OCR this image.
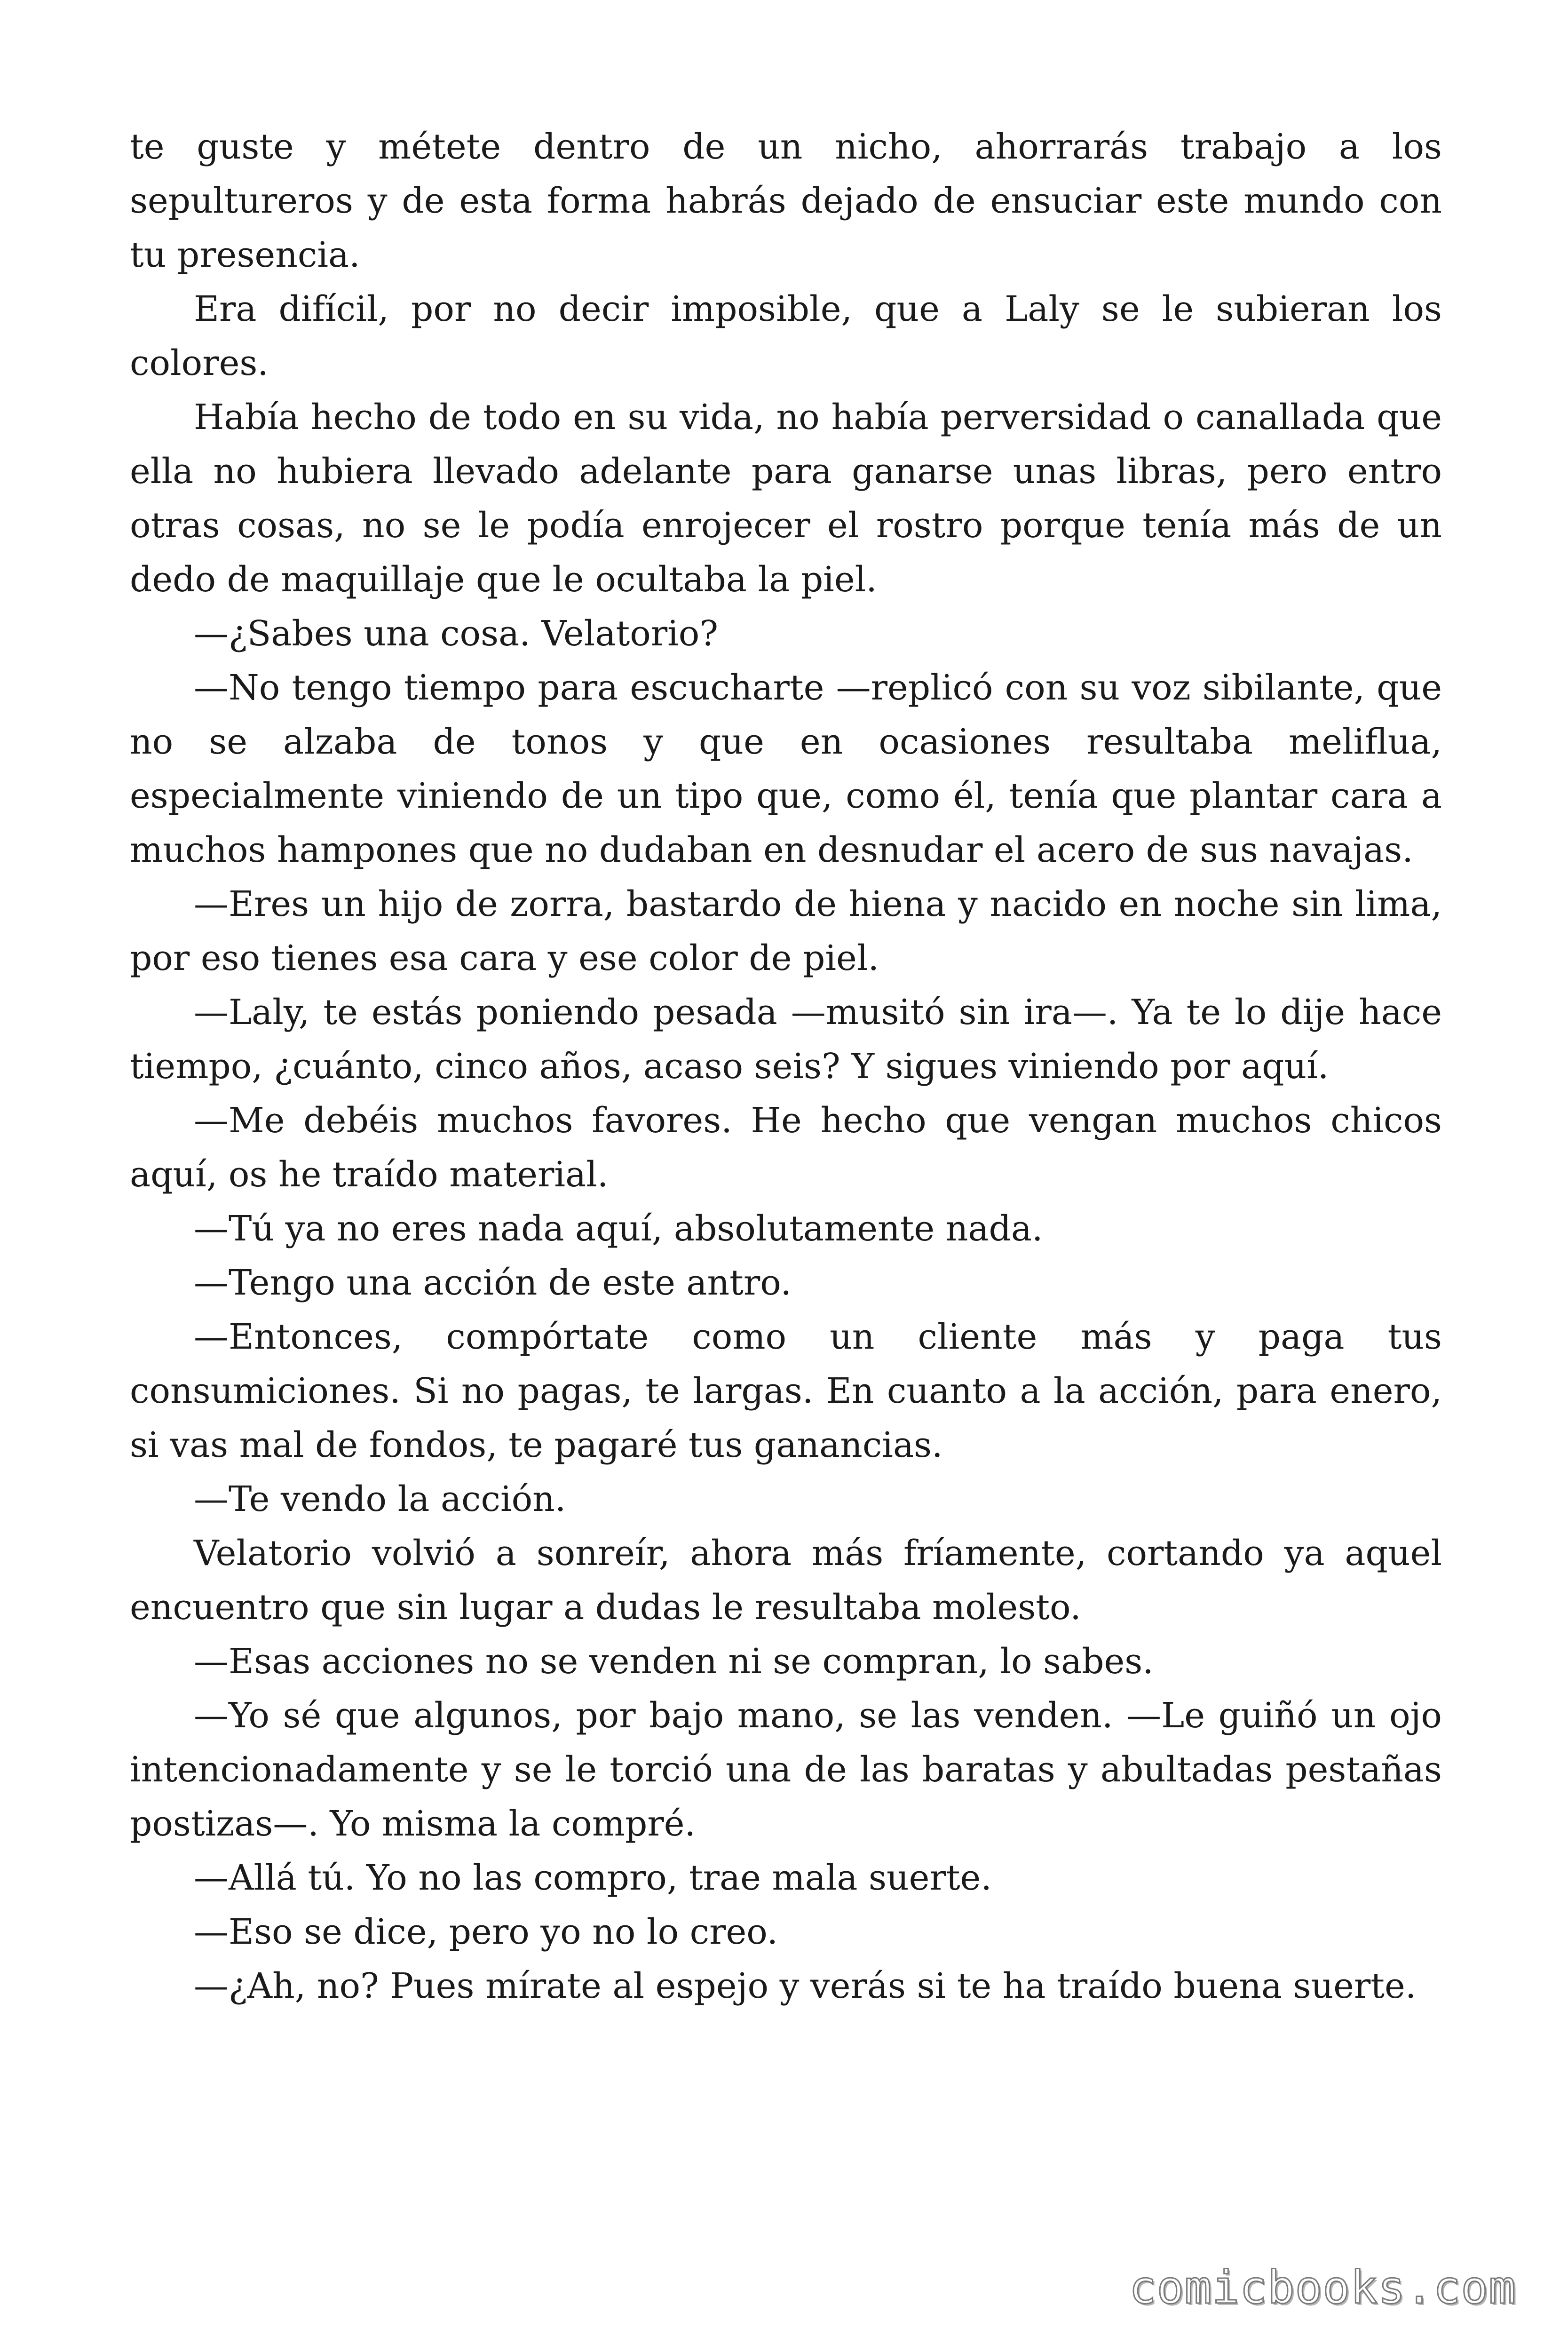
te guste y métete dentro de un nicho, ahorrarás trabajo a los sepultureros y de esta forma habrás dejado de ensuciar este mundo con tu presencia.

Era difícil, por no decir imposible, que a Laly se le subieran los colores.

Había hecho de todo en su vida, no había perversidad o canallada que ella no hubiera llevado adelante para ganarse unas libras, pero entro otras cosas, no se le podía enrojecer el rostro porque tenía más de un dedo de maquillaje que le ocultaba la piel.

—¿Sabes una cosa. Velatorio?

—No tengo tiempo para escucharte —replicó con su voz sibilante, que no se alzaba de tonos y que en ocasiones resultaba meliflua, especialmente viniendo de un tipo que, como él, tenía que plantar cara a muchos hampones que no dudaban en desnudar el acero de sus navajas.

—Eres un hijo de zorra, bastardo de hiena y nacido en noche sin lima, por eso tienes esa cara y ese color de piel.

—Laly, te estás poniendo pesada —musitó sin ira—. Ya te lo dije hace tiempo, ¿cuánto, cinco años, acaso seis? Y sigues viniendo por aquí.

—Me debéis muchos favores. He hecho que vengan muchos chicos aquí, os he traído material.

—Tú ya no eres nada aquí, absolutamente nada.

—Tengo una acción de este antro.

—Entonces, compórtate como un cliente más y paga tus consumiciones. Si no pagas, te largas. En cuanto a la acción, para enero, si vas mal de fondos, te pagaré tus ganancias.

—Te vendo la acción.

Velatorio volvió a sonreír, ahora más fríamente, cortando ya aquel encuentro que sin lugar a dudas le resultaba molesto.

—Esas acciones no se venden ni se compran, lo sabes.

—Yo sé que algunos, por bajo mano, se las venden. —Le guiñó un ojo intencionadamente y se le torció una de las baratas y abultadas pestañas postizas—. Yo misma la compré.

—Allá tú. Yo no las compro, trae mala suerte.

—Eso se dice, pero yo no lo creo.

—¿Ah, no? Pues mírate al espejo y verás si te ha traído buena suerte.

comicbooks.com
